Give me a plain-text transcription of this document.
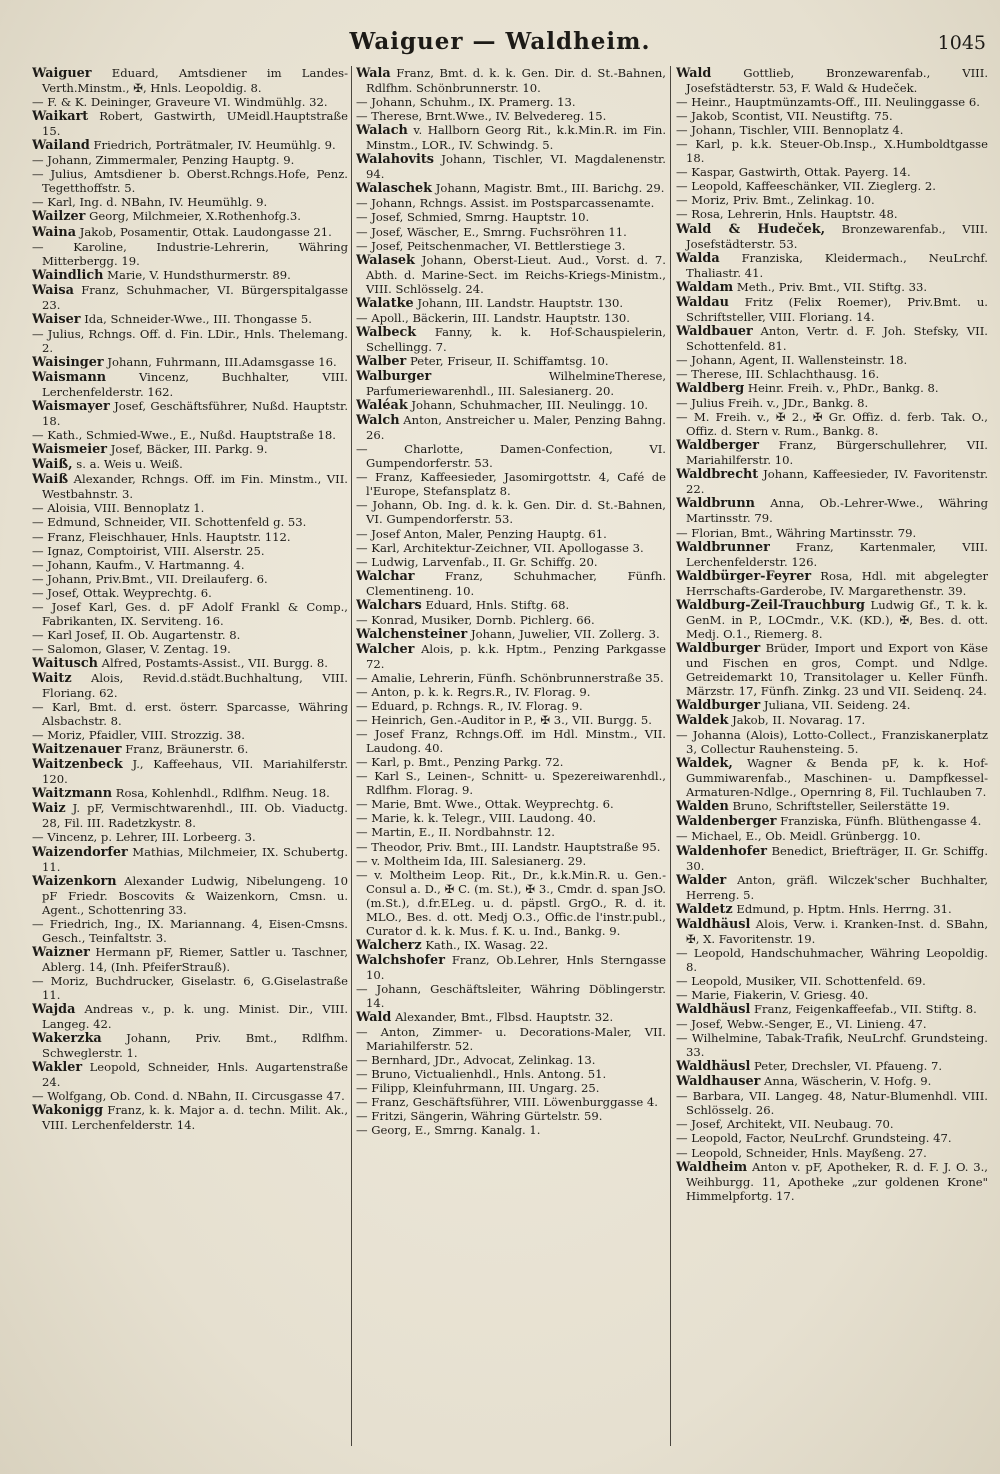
Waiguer — Waldheim.	1045

Waiguer Eduard, Amtsdiener im Landes-Verth.Minstm., ✠, Hnls. Leopoldig. 8.

— F. & K. Deininger, Graveure VI. Windmühlg. 32.

Waikart Robert, Gastwirth, UMeidl.Hauptstraße 15.

Wailand Friedrich, Porträtmaler, IV. Heumühlg. 9.

— Johann, Zimmermaler, Penzing Hauptg. 9.

— Julius, Amtsdiener b. Oberst.Rchngs.Hofe, Penz. Tegetthoffstr. 5.

— Karl, Ing. d. NBahn, IV. Heumühlg. 9.

Wailzer Georg, Milchmeier, X.Rothenhofg.3.

Waina Jakob, Posamentir, Ottak. Laudongasse 21.

— Karoline, Industrie-Lehrerin, Währing Mitterbergg. 19.

Waindlich Marie, V. Hundsthurmerstr. 89.

Waisa Franz, Schuhmacher, VI. Bürgerspitalgasse 23.

Waiser Ida, Schneider-Wwe., III. Thongasse 5.

— Julius, Rchngs. Off. d. Fin. LDir., Hnls. Thelemang. 2.

Waisinger Johann, Fuhrmann, III.Adamsgasse 16.

Waismann	Vincenz, Buchhalter, VIII. Lerchenfelderstr. 162.

Waismayer Josef, Geschäftsführer, Nußd. Hauptstr. 18.

— Kath., Schmied-Wwe., E., Nußd. Hauptstraße 18.

Waismeier Josef, Bäcker, III. Parkg. 9.

Waiß, s. a. Weis u. Weiß.

Waiß Alexander, Rchngs. Off. im Fin. Minstm., VII. Westbahnstr. 3.

— Aloisia, VIII. Bennoplatz 1.

— Edmund, Schneider, VII. Schottenfeld g. 53.

— Franz, Fleischhauer, Hnls. Hauptstr. 112.

— Ignaz, Comptoirist, VIII. Alserstr. 25.

— Johann, Kaufm., V. Hartmanng. 4.

— Johann, Priv.Bmt., VII. Dreilauferg. 6.

— Josef, Ottak. Weyprechtg. 6.

— Josef Karl, Ges. d. pF Adolf Frankl & Comp., Fabrikanten, IX. Serviteng. 16.

— Karl Josef, II. Ob. Augartenstr. 8.

— Salomon, Glaser, V. Zentag. 19.

Waitusch Alfred, Postamts-Assist., VII. Burgg. 8.

Waitz Alois, Revid.d.städt.Buchhaltung, VIII. Floriang. 62.

— Karl, Bmt. d. erst. österr. Sparcasse, Währing Alsbachstr. 8.

— Moriz, Pfaidler, VIII. Strozzig. 38.

Waitzenauer Franz, Bräunerstr. 6.

Waitzenbeck J., Kaffeehaus, VII. Mariahilferstr. 120.

Waitzmann Rosa, Kohlenhdl., Rdlfhm. Neug. 18.

Waiz J. pF, Vermischtwarenhdl., III. Ob. Viaductg. 28, Fil. III. Radetzkystr. 8.

— Vincenz, p. Lehrer, III. Lorbeerg. 3.

Waizendorfer Mathias, Milchmeier, IX. Schubertg. 11.

Waizenkorn Alexander Ludwig, Nibelungeng. 10 pF Friedr. Boscovits & Waizenkorn, Cmsn. u. Agent., Schottenring 33.

— Friedrich, Ing., IX. Mariannang. 4, Eisen-Cmsns. Gesch., Teinfaltstr. 3.

Waizner Hermann pF, Riemer, Sattler u. Taschner, Ablerg. 14, (Inh. PfeiferStrauß).

— Moriz, Buchdrucker, Giselastr. 6, G.Giselastraße 11.

Wajda Andreas v., p. k. ung. Minist. Dir., VIII. Langeg. 42.

Wakerzka Johann, Priv. Bmt., Rdlfhm. Schweglerstr. 1.

Wakler Leopold, Schneider, Hnls. Augartenstraße 24.

— Wolfgang, Ob. Cond. d. NBahn, II. Circusgasse 47.

Wakonigg Franz, k. k. Major a. d. techn. Milit. Ak., VIII. Lerchenfelderstr. 14.

Wala Franz, Bmt. d. k. k. Gen. Dir. d. St.-Bahnen, Rdlfhm. Schönbrunnerstr. 10.

— Johann, Schuhm., IX. Pramerg. 13.

— Therese, Brnt.Wwe., IV. Belvedereg. 15.

Walach v. Hallborn Georg Rit., k.k.Min.R. im Fin. Minstm., LOR., IV. Schwindg. 5.

Walahovits Johann, Tischler, VI. Magdalenenstr. 94.

Walaschek Johann, Magistr. Bmt., III. Barichg. 29.

— Johann, Rchngs. Assist. im Postsparcassenamte.

— Josef, Schmied, Smrng. Hauptstr. 10.

— Josef, Wäscher, E., Smrng. Fuchsröhren 11.

— Josef, Peitschenmacher, VI. Bettlerstiege 3.

Walasek Johann, Oberst-Lieut. Aud., Vorst. d. 7. Abth. d. Marine-Sect. im Reichs-Kriegs-Ministm., VIII. Schlösselg. 24.

Walatke Johann, III. Landstr. Hauptstr. 130.

— Apoll., Bäckerin, III. Landstr. Hauptstr. 130.

Walbeck Fanny, k. k. Hof-Schauspielerin, Schellingg. 7.

Walber Peter, Friseur, II. Schiffamtsg. 10.

Walburger	WilhelmineTherese, Parfumeriewarenhdl., III. Salesianerg. 20.

Waléak Johann, Schuhmacher, III. Neulingg. 10.

Walch Anton, Anstreicher u. Maler, Penzing Bahng. 26.

— Charlotte, Damen-Confection, VI. Gumpendorferstr. 53.

— Franz, Kaffeesieder, Jasomirgottstr. 4, Café de l'Europe, Stefansplatz 8.

— Johann, Ob. Ing. d. k. k. Gen. Dir. d. St.-Bahnen, VI. Gumpendorferstr. 53.

— Josef Anton, Maler, Penzing Hauptg. 61.

— Karl, Architektur-Zeichner, VII. Apollogasse 3.

— Ludwig, Larvenfab., II. Gr. Schiffg. 20.

Walchar	Franz, Schuhmacher, Fünfh. Clementineng. 10.

Walchars Eduard, Hnls. Stiftg. 68.

— Konrad, Musiker, Dornb. Pichlerg. 66.

Walchensteiner Johann, Juwelier, VII. Zollerg. 3.

Walcher Alois, p. k.k. Hptm., Penzing Parkgasse 72.

— Amalie, Lehrerin, Fünfh. Schönbrunnerstraße 35.

— Anton, p. k. k. Regrs.R., IV. Florag. 9.

— Eduard, p. Rchngs. R., IV. Florag. 9.

— Heinrich, Gen.-Auditor in P., ✠ 3., VII. Burgg. 5.

— Josef Franz, Rchngs.Off. im Hdl. Minstm., VII. Laudong. 40.

— Karl, p. Bmt., Penzing Parkg. 72.

— Karl S., Leinen-, Schnitt- u. Spezereiwarenhdl., Rdlfhm. Florag. 9.

— Marie, Bmt. Wwe., Ottak. Weyprechtg. 6.

— Marie, k. k. Telegr., VIII. Laudong. 40.

— Martin, E., II. Nordbahnstr. 12.

— Theodor, Priv. Bmt., III. Landstr. Hauptstraße 95.

— v. Moltheim Ida, III. Salesianerg. 29.

— v. Moltheim Leop. Rit., Dr., k.k.Min.R. u. Gen.-Consul a. D., ✠ C. (m. St.), ✠ 3., Cmdr. d. span JsO.(m.St.), d.fr.ELeg. u. d. päpstl. GrgO., R. d. it. MLO., Bes. d. ott. Medj O.3., Offic.de l'instr.publ., Curator d. k. k. Mus. f. K. u. Ind., Bankg. 9.

Walcherz Kath., IX. Wasag. 22.

Walchshofer Franz, Ob.Lehrer, Hnls Sterngasse 10.

— Johann, Geschäftsleiter, Währing Döblingerstr. 14.

Wald Alexander, Bmt., Flbsd. Hauptstr. 32.

— Anton, Zimmer- u. Decorations-Maler, VII. Mariahilferstr. 52.

— Bernhard, JDr., Advocat, Zelinkag. 13.

— Bruno, Victualienhdl., Hnls. Antong. 51.

— Filipp, Kleinfuhrmann, III. Ungarg. 25.

— Franz, Geschäftsführer, VIII. Löwenburggasse 4.

— Fritzi, Sängerin, Währing Gürtelstr. 59.

— Georg, E., Smrng. Kanalg. 1.

Wald	Gottlieb, Bronzewarenfab., VIII. Josefstädterstr. 53, F. Wald & Hudeček.

— Heinr., Hauptmünzamts-Off., III. Neulinggasse 6.

— Jakob, Scontist, VII. Neustiftg. 75.

— Johann, Tischler, VIII. Bennoplatz 4.

— Karl, p. k.k. Steuer-Ob.Insp., X.Humboldtgasse 18.

— Kaspar, Gastwirth, Ottak. Payerg. 14.

— Leopold, Kaffeeschänker, VII. Zieglerg. 2.

— Moriz, Priv. Bmt., Zelinkag. 10.

— Rosa, Lehrerin, Hnls. Hauptstr. 48.

Wald & Hudeček, Bronzewarenfab., VIII. Josefstädterstr. 53.

Walda Franziska, Kleidermach., NeuLrchf. Thaliastr. 41.

Waldam Meth., Priv. Bmt., VII. Stiftg. 33.

Waldau Fritz (Felix Roemer), Priv.Bmt. u. Schriftsteller, VIII. Floriang. 14.

Waldbauer Anton, Vertr. d. F. Joh. Stefsky, VII. Schottenfeld. 81.

— Johann, Agent, II. Wallensteinstr. 18.

— Therese, III. Schlachthausg. 16.

Waldberg Heinr. Freih. v., PhDr., Bankg. 8.

— Julius Freih. v., JDr., Bankg. 8.

— M. Freih. v., ✠ 2., ✠ Gr. Offiz. d. ferb. Tak. O., Offiz. d. Stern v. Rum., Bankg. 8.

Waldberger Franz, Bürgerschullehrer, VII. Mariahilferstr. 10.

Waldbrecht Johann, Kaffeesieder, IV. Favoritenstr. 22.

Waldbrunn Anna, Ob.-Lehrer-Wwe., Währing Martinsstr. 79.

— Florian, Bmt., Währing Martinsstr. 79.

Waldbrunner Franz, Kartenmaler, VIII. Lerchenfelderstr. 126.

Waldbürger-Feyrer Rosa, Hdl. mit abgelegter Herrschafts-Garderobe, IV. Margarethenstr. 39.

Waldburg-Zeil-Trauchburg Ludwig Gf., T. k. k. GenM. in P., LOCmdr., V.K. (KD.), ✠, Bes. d. ott. Medj. O.1., Riemerg. 8.

Waldburger Brüder, Import und Export von Käse und Fischen en gros, Compt. und Ndlge. Getreidemarkt 10, Transitolager u. Keller Fünfh. Märzstr. 17, Fünfh. Zinkg. 23 und VII. Seidenq. 24.

Waldburger Juliana, VII. Seideng. 24.

Waldek Jakob, II. Novarag. 17.

— Johanna (Alois), Lotto-Collect., Franziskanerplatz 3, Collectur Rauhensteing. 5.

Waldek, Wagner & Benda pF, k. k. Hof-Gummiwarenfab., Maschinen- u. Dampfkessel-Armaturen-Ndlge., Opernring 8, Fil. Tuchlauben 7.

Walden Bruno, Schriftsteller, Seilerstätte 19.

Waldenberger Franziska, Fünfh. Blüthengasse 4.

— Michael, E., Ob. Meidl. Grünbergg. 10.

Waldenhofer Benedict, Briefträger, II. Gr. Schiffg. 30.

Walder Anton, gräfl. Wilczek'scher Buchhalter, Herreng. 5.

Waldetz Edmund, p. Hptm. Hnls. Herrng. 31.

Waldhäusl Alois, Verw. i. Kranken-Inst. d. SBahn, ✠, X. Favoritenstr. 19.

— Leopold, Handschuhmacher, Währing Leopoldig. 8.

— Leopold, Musiker, VII. Schottenfeld. 69.

— Marie, Fiakerin, V. Griesg. 40.

Waldhäusl Franz, Feigenkaffeefab., VII. Stiftg. 8.

— Josef, Webw.-Senger, E., VI. Linieng. 47.

— Wilhelmine, Tabak-Trafik, NeuLrchf. Grundsteing. 33.

Waldhäusl Peter, Drechsler, VI. Pfaueng. 7.

Waldhauser Anna, Wäscherin, V. Hofg. 9.

— Barbara, VII. Langeg. 48, Natur-Blumenhdl. VIII. Schlösselg. 26.

— Josef, Architekt, VII. Neubaug. 70.

— Leopold, Factor, NeuLrchf. Grundsteing. 47.

— Leopold, Schneider, Hnls. Mayßeng. 27.

Waldheim Anton v. pF, Apotheker, R. d. F. J. O. 3., Weihburgg. 11, Apotheke „zur goldenen Krone" Himmelpfortg. 17.
